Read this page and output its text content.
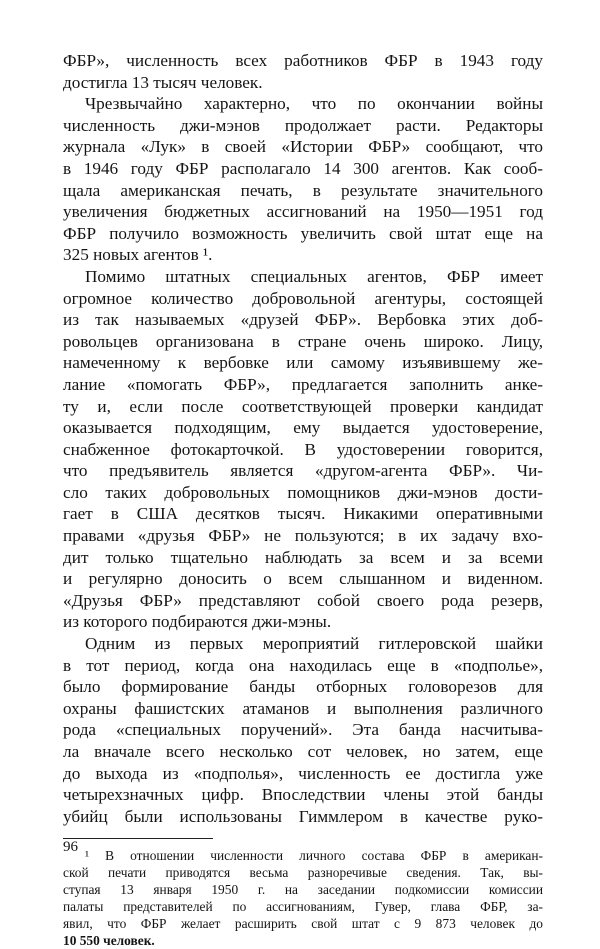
ФБР», численность всех работников ФБР в 1943 году
достигла 13 тысяч человек.
Чрезвычайно характерно, что по окончании войны
численность джи-мэнов продолжает расти. Редакторы
журнала «Лук» в своей «Истории ФБР» сообщают, что
в 1946 году ФБР располагало 14 300 агентов. Как сооб-
щала американская печать, в результате значительного
увеличения бюджетных ассигнований на 1950—1951 год
ФБР получило возможность увеличить свой штат еще на
325 новых агентов ¹.
Помимо штатных специальных агентов, ФБР имеет
огромное количество добровольной агентуры, состоящей
из так называемых «друзей ФБР». Вербовка этих доб-
ровольцев организована в стране очень широко. Лицу,
намеченному к вербовке или самому изъявившему же-
лание «помогать ФБР», предлагается заполнить анке-
ту и, если после соответствующей проверки кандидат
оказывается подходящим, ему выдается удостоверение,
снабженное фотокарточкой. В удостоверении говорится,
что предъявитель является «другом-агента ФБР». Чи-
сло таких добровольных помощников джи-мэнов дости-
гает в США десятков тысяч. Никакими оперативными
правами «друзья ФБР» не пользуются; в их задачу вхо-
дит только тщательно наблюдать за всем и за всеми
и регулярно доносить о всем слышанном и виденном.
«Друзья ФБР» представляют собой своего рода резерв,
из которого подбираются джи-мэны.
Одним из первых мероприятий гитлеровской шайки
в тот период, когда она находилась еще в «подполье»,
было формирование банды отборных головорезов для
охраны фашистских атаманов и выполнения различного
рода «специальных поручений». Эта банда насчитыва-
ла вначале всего несколько сот человек, но затем, еще
до выхода из «подполья», численность ее достигла уже
четырехзначных цифр. Впоследствии члены этой банды
убийц были использованы Гиммлером в качестве руко-
¹ В отношении численности личного состава ФБР в американ-
ской печати приводятся весьма разноречивые сведения. Так, вы-
ступая 13 января 1950 г. на заседании подкомиссии комиссии
палаты представителей по ассигнованиям, Гувер, глава ФБР, за-
явил, что ФБР желает расширить свой штат с 9 873 человек до
10 550 человек.
96
